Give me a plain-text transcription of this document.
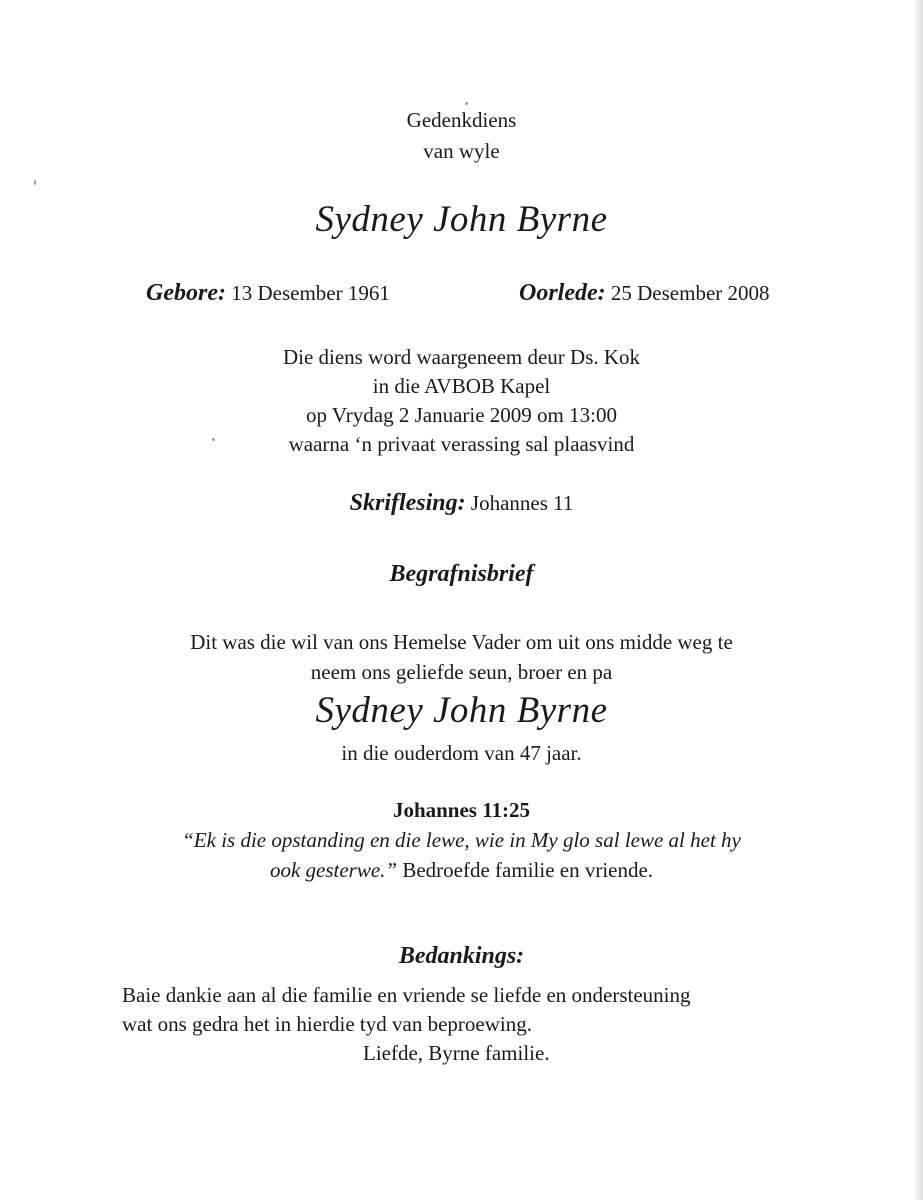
Gedenkdiens
van wyle
Sydney John Byrne
Gebore: 13 Desember 1961	Oorlede: 25 Desember 2008
Die diens word waargeneem deur Ds. Kok
in die AVBOB Kapel
op Vrydag 2 Januarie 2009 om 13:00
waarna ‘n privaat verassing sal plaasvind
Skriflesing: Johannes 11
Begrafnisbrief
Dit was die wil van ons Hemelse Vader om uit ons midde weg te
neem ons geliefde seun, broer en pa
Sydney John Byrne
in die ouderdom van 47 jaar.
Johannes 11:25
“Ek is die opstanding en die lewe, wie in My glo sal lewe al het hy
ook gesterwe.” Bedroefde familie en vriende.
Bedankings:
Baie dankie aan al die familie en vriende se liefde en ondersteuning
wat ons gedra het in hierdie tyd van beproewing.
Liefde, Byrne familie.
